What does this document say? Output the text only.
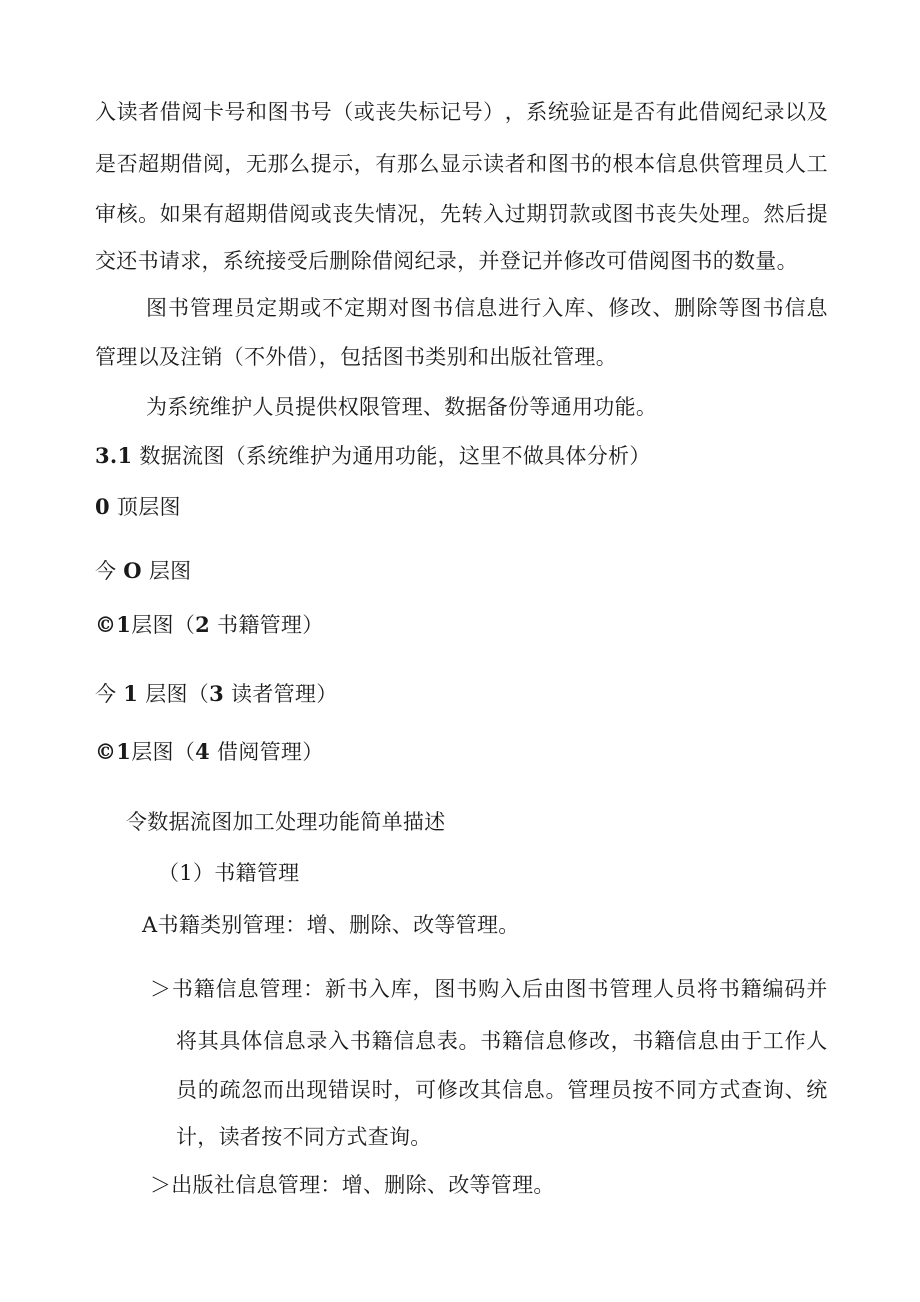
入 读 者 借 阅 卡 号 和 图 书 号 （ 或 丧 失 标 记 号 ） ， 系 统 验 证 是 否 有 此 借 阅 纪 录 以 及
是 否 超 期 借 阅 ， 无 那 么 提 示 ， 有 那 么 显 示 读 者 和 图 书 的 根 本 信 息 供 管 理 员 人 工
审 核 。 如 果 有 超 期 借 阅 或 丧 失 情 况 ， 先 转 入 过 期 罚 款 或 图 书 丧 失 处 理 。 然 后 提
交还书请求，系统接受后删除借阅纪录，并登记并修改可借阅图书的数量。
图 书 管 理 员 定 期 或 不 定 期 对 图 书 信 息 进 行 入 库 、 修 改 、 删 除 等 图 书 信 息
管理以及注销（不外借），包括图书类别和出版社管理。
为系统维护人员提供权限管理、数据备份等通用功能。
3.1 数据流图（系统维护为通用功能，这里不做具体分析）
0 顶层图
今 O 层图
©1层图（2 书籍管理）
今 1 层图（3 读者管理）
©1层图（4 借阅管理）
令数据流图加工处理功能简单描述
（1）书籍管理
A书籍类别管理：增、删除、改等管理。
＞ 书 籍 信 息 管 理 ： 新 书 入 库 ， 图 书 购 入 后 由 图 书 管 理 人 员 将 书 籍 编 码 并
将 其 具 体 信 息 录 入 书 籍 信 息 表 。 书 籍 信 息 修 改 ， 书 籍 信 息 由 于 工 作 人
员 的 疏 忽 而 出 现 错 误 时 ， 可 修 改 其 信 息 。 管 理 员 按 不 同 方 式 查 询 、 统
计，读者按不同方式查询。
＞出版社信息管理：增、删除、改等管理。
